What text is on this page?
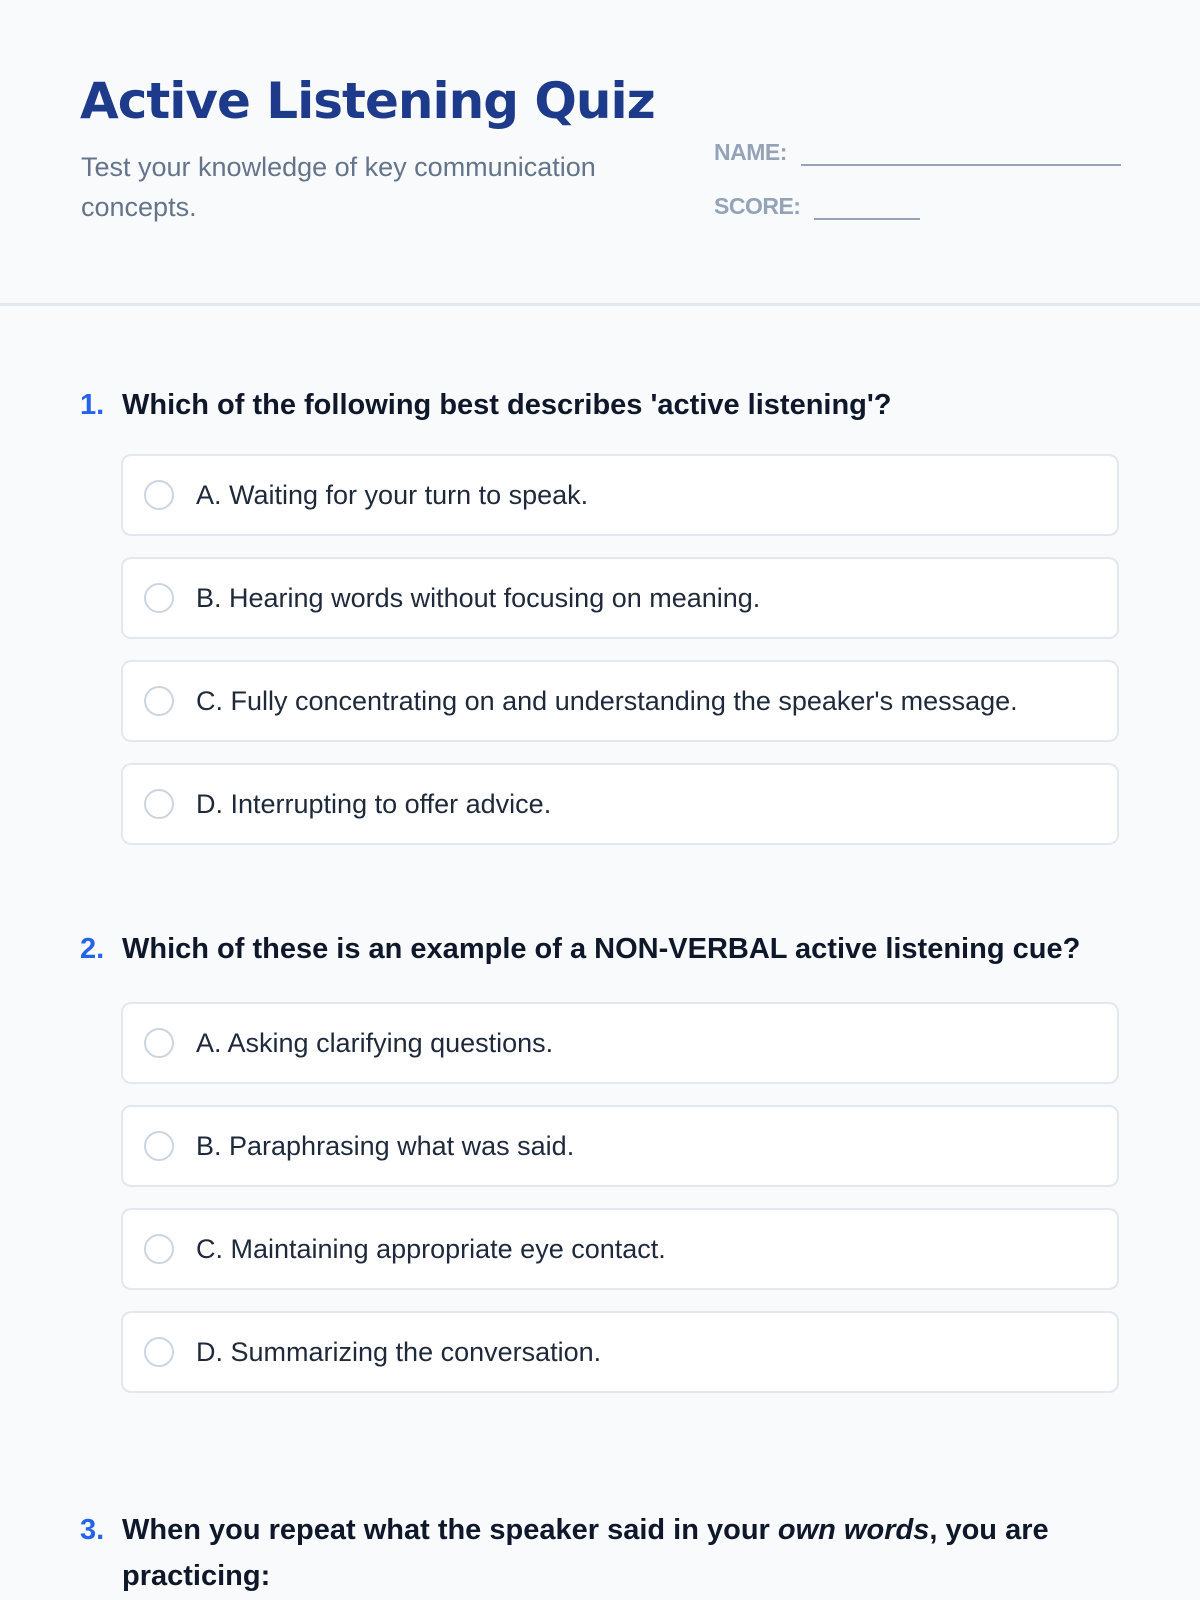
Active Listening Quiz

Test your knowledge of key communication concepts.

NAME:
SCORE:
1. Which of the following best describes 'active listening'?
A. Waiting for your turn to speak.
B. Hearing words without focusing on meaning.
C. Fully concentrating on and understanding the speaker's message.
D. Interrupting to offer advice.
2. Which of these is an example of a NON-VERBAL active listening cue?
A. Asking clarifying questions.
B. Paraphrasing what was said.
C. Maintaining appropriate eye contact.
D. Summarizing the conversation.
3. When you repeat what the speaker said in your own words, you are practicing:
